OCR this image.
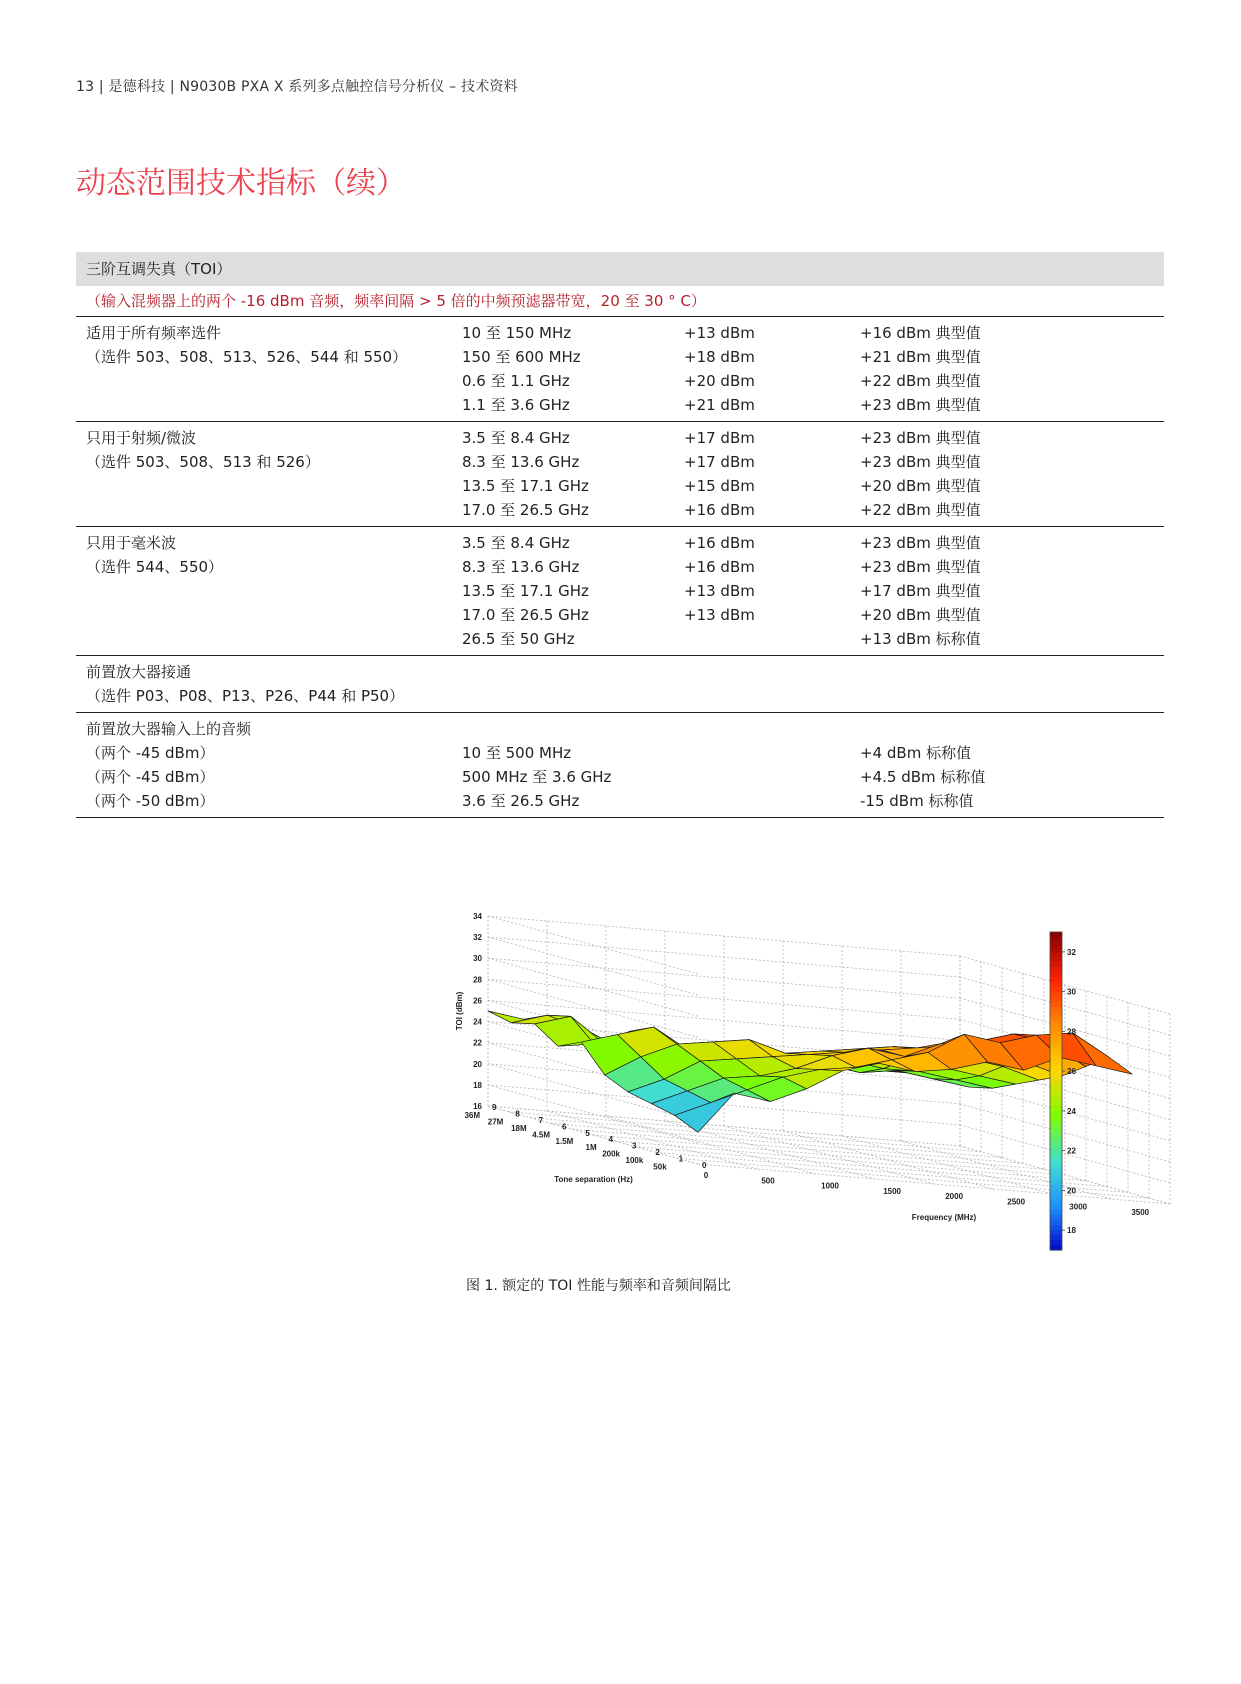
13 | 是德科技 | N9030B PXA X 系列多点触控信号分析仪 – 技术资料
动态范围技术指标（续）
三阶互调失真（TOI）
（输入混频器上的两个 -16 dBm 音频，频率间隔 > 5 倍的中频预滤器带宽，20 至 30 ° C）
适用于所有频率选件	10 至 150 MHz	+13 dBm	+16 dBm 典型值
（选件 503、508、513、526、544 和 550）	150 至 600 MHz	+18 dBm	+21 dBm 典型值
0.6 至 1.1 GHz	+20 dBm	+22 dBm 典型值
1.1 至 3.6 GHz	+21 dBm	+23 dBm 典型值
只用于射频/微波	3.5 至 8.4 GHz	+17 dBm	+23 dBm 典型值
（选件 503、508、513 和 526）	8.3 至 13.6 GHz	+17 dBm	+23 dBm 典型值
13.5 至 17.1 GHz	+15 dBm	+20 dBm 典型值
17.0 至 26.5 GHz	+16 dBm	+22 dBm 典型值
只用于毫米波	3.5 至 8.4 GHz	+16 dBm	+23 dBm 典型值
（选件 544、550）	8.3 至 13.6 GHz	+16 dBm	+23 dBm 典型值
13.5 至 17.1 GHz	+13 dBm	+17 dBm 典型值
17.0 至 26.5 GHz	+13 dBm	+20 dBm 典型值
26.5 至 50 GHz	+13 dBm 标称值
前置放大器接通
（选件 P03、P08、P13、P26、P44 和 P50）
前置放大器输入上的音频
（两个 -45 dBm）	10 至 500 MHz	+4 dBm 标称值
（两个 -45 dBm）	500 MHz 至 3.6 GHz	+4.5 dBm 标称值
（两个 -50 dBm）	3.6 至 26.5 GHz	-15 dBm 标称值
34
32
30
28
26
24
22
20
18
16
TOI (dBm)
36M
27M
18M
4.5M
1.5M
1M
200k
100k
50k
9
8
7
6
5
4
3
2
1
0
Tone separation (Hz)	0
500
1000
1500
2000
2500
3000
3500
Frequency (MHz)
32
30
28
26
24
22
20
18
图 1. 额定的 TOI 性能与频率和音频间隔比
